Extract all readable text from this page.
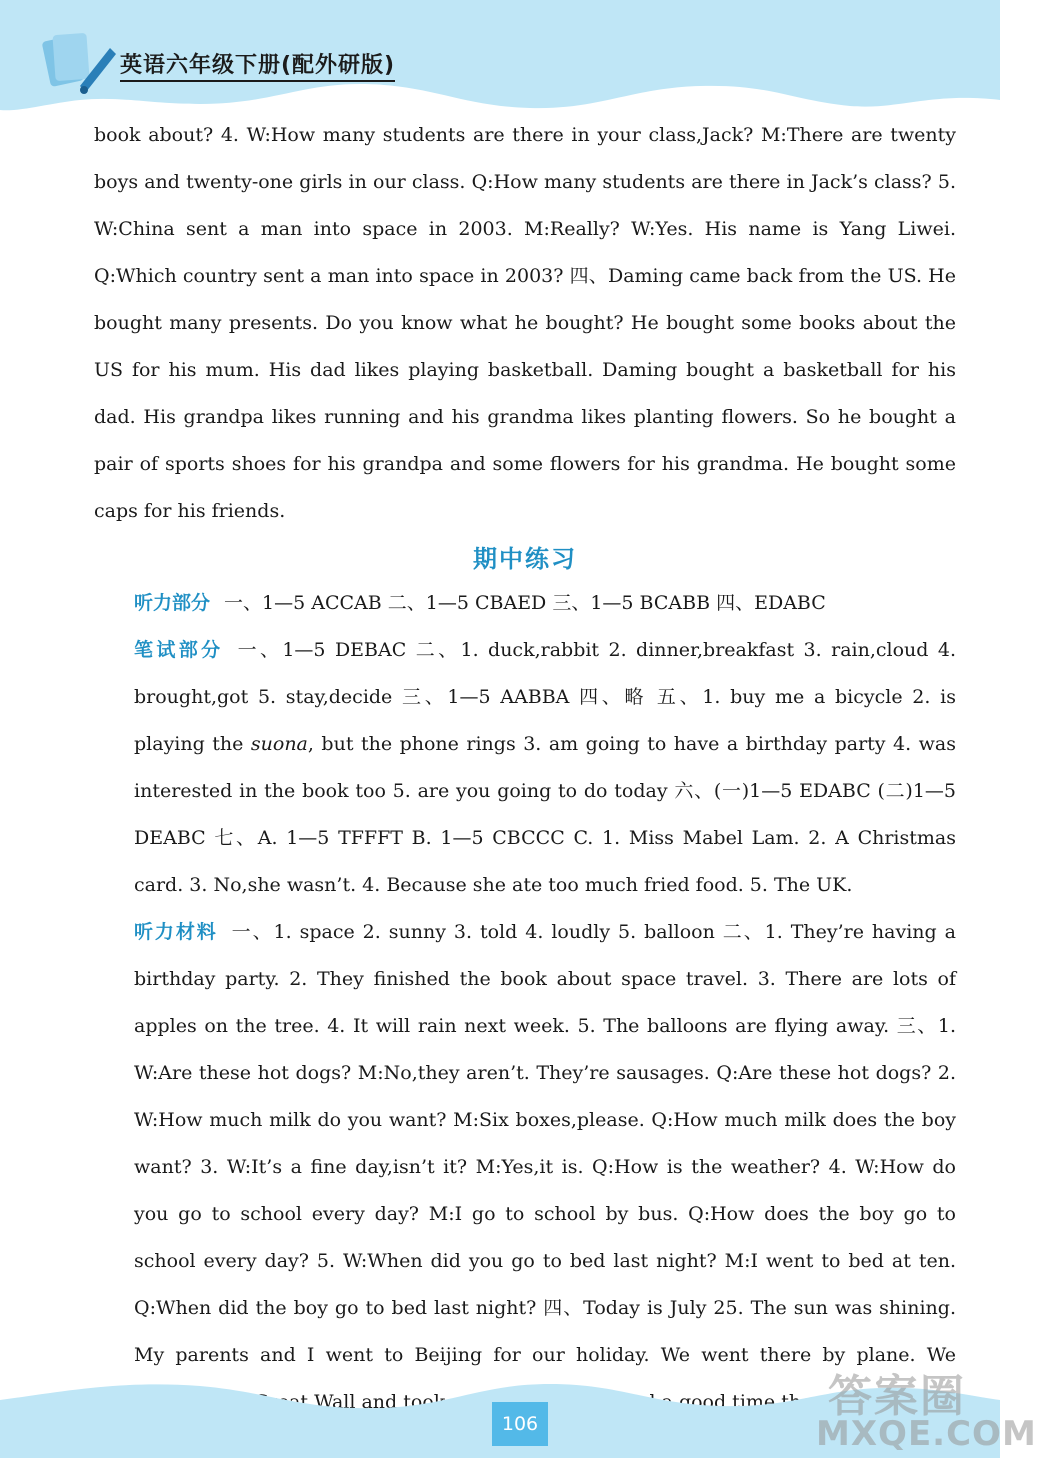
英语六年级下册(配外研版)

book about? 4. W:How many students are there in your class,Jack? M:There are twenty boys and twenty-one girls in our class. Q:How many students are there in Jack’s class? 5. W:China sent a man into space in 2003. M:Really? W:Yes. His name is Yang Liwei. Q:Which country sent a man into space in 2003? 四、Daming came back from the US. He bought many presents. Do you know what he bought? He bought some books about the US for his mum. His dad likes playing basketball. Daming bought a basketball for his dad. His grandpa likes running and his grandma likes planting flowers. So he bought a pair of sports shoes for his grandpa and some flowers for his grandma. He bought some caps for his friends.

期中练习

听力部分 一、1—5 ACCAB 二、1—5 CBAED 三、1—5 BCABB 四、EDABC

笔试部分 一、1—5 DEBAC 二、1. duck,rabbit 2. dinner,breakfast 3. rain,cloud 4. brought,got 5. stay,decide 三、1—5 AABBA 四、略 五、1. buy me a bicycle 2. is playing the suona, but the phone rings 3. am going to have a birthday party 4. was interested in the book too 5. are you going to do today 六、(一)1—5 EDABC (二)1—5 DEABC 七、A. 1—5 TFFFT B. 1—5 CBCCC C. 1. Miss Mabel Lam. 2. A Christmas card. 3. No,she wasn’t. 4. Because she ate too much fried food. 5. The UK.

听力材料 一、1. space 2. sunny 3. told 4. loudly 5. balloon 二、1. They’re having a birthday party. 2. They finished the book about space travel. 3. There are lots of apples on the tree. 4. It will rain next week. 5. The balloons are flying away. 三、1. W:Are these hot dogs? M:No,they aren’t. They’re sausages. Q:Are these hot dogs? 2. W:How much milk do you want? M:Six boxes,please. Q:How much milk does the boy want? 3. W:It’s a fine day,isn’t it? M:Yes,it is. Q:How is the weather? 4. W:How do you go to school every day? M:I go to school by bus. Q:How does the boy go to school every day? 5. W:When did you go to bed last night? M:I went to bed at ten. Q:When did the boy go to bed last night? 四、Today is July 25. The sun was shining. My parents and I went to Beijing for our holiday. We went there by plane. We Wall and took good time

106
答案圈
MXQE.COM
